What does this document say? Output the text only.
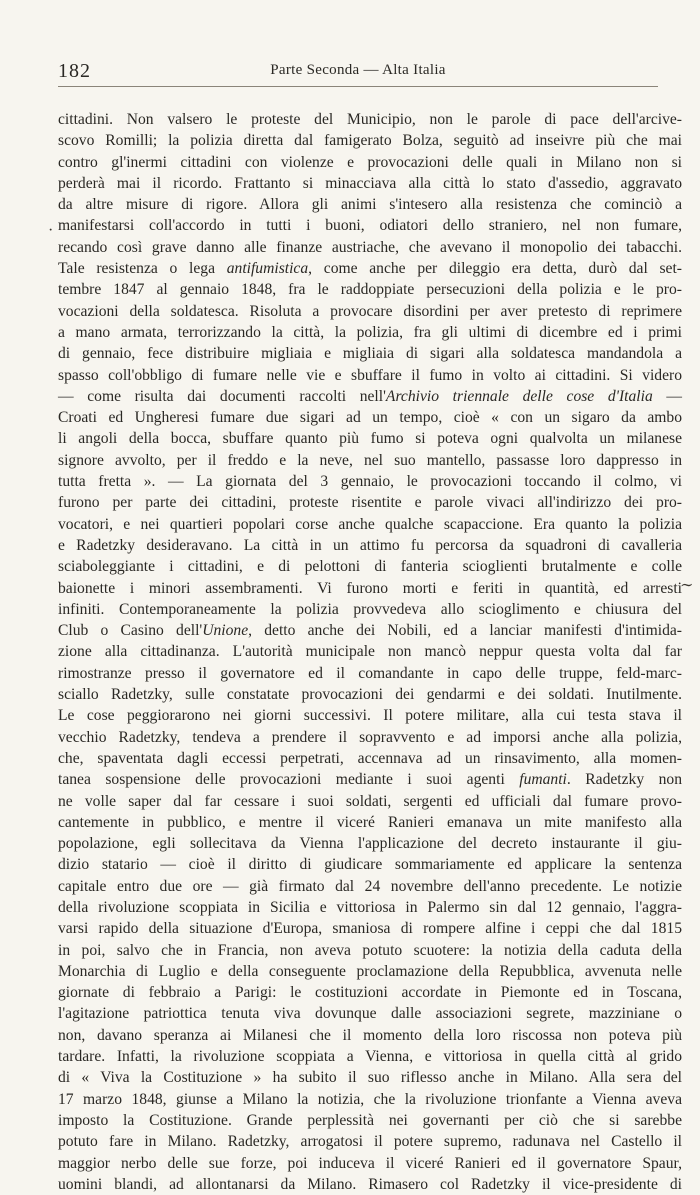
182	Parte Seconda — Alta Italia
cittadini. Non valsero le proteste del Municipio, non le parole di pace dell'arcive-
scovo Romilli; la polizia diretta dal famigerato Bolza, seguitò ad inseivre più che mai
contro gl'inermi cittadini con violenze e provocazioni delle quali in Milano non si
perderà mai il ricordo. Frattanto si minacciava alla città lo stato d'assedio, aggravato
da altre misure di rigore. Allora gli animi s'intesero alla resistenza che cominciò a
manifestarsi coll'accordo in tutti i buoni, odiatori dello straniero, nel non fumare,
recando così grave danno alle finanze austriache, che avevano il monopolio dei tabacchi.
Tale resistenza o lega antifumistica, come anche per dileggio era detta, durò dal set-
tembre 1847 al gennaio 1848, fra le raddoppiate persecuzioni della polizia e le pro-
vocazioni della soldatesca. Risoluta a provocare disordini per aver pretesto di reprimere
a mano armata, terrorizzando la città, la polizia, fra gli ultimi di dicembre ed i primi
di gennaio, fece distribuire migliaia e migliaia di sigari alla soldatesca mandandola a
spasso coll'obbligo di fumare nelle vie e sbuffare il fumo in volto ai cittadini. Si videro
— come risulta dai documenti raccolti nell'Archivio triennale delle cose d'Italia —
Croati ed Ungheresi fumare due sigari ad un tempo, cioè « con un sigaro da ambo
li angoli della bocca, sbuffare quanto più fumo si poteva ogni qualvolta un milanese
signore avvolto, per il freddo e la neve, nel suo mantello, passasse loro dappresso in
tutta fretta ». — La giornata del 3 gennaio, le provocazioni toccando il colmo, vi
furono per parte dei cittadini, proteste risentite e parole vivaci all'indirizzo dei pro-
vocatori, e nei quartieri popolari corse anche qualche scapaccione. Era quanto la polizia
e Radetzky desideravano. La città in un attimo fu percorsa da squadroni di cavalleria
sciaboleggiante i cittadini, e di pelottoni di fanteria scioglienti brutalmente e colle
baionette i minori assembramenti. Vi furono morti e feriti in quantità, ed arresti
infiniti. Contemporaneamente la polizia provvedeva allo scioglimento e chiusura del
Club o Casino dell'Unione, detto anche dei Nobili, ed a lanciar manifesti d'intimida-
zione alla cittadinanza. L'autorità municipale non mancò neppur questa volta dal far
rimostranze presso il governatore ed il comandante in capo delle truppe, feld-marc-
sciallo Radetzky, sulle constatate provocazioni dei gendarmi e dei soldati. Inutilmente.
Le cose peggiorarono nei giorni successivi. Il potere militare, alla cui testa stava il
vecchio Radetzky, tendeva a prendere il sopravvento e ad imporsi anche alla polizia,
che, spaventata dagli eccessi perpetrati, accennava ad un rinsavimento, alla momen-
tanea sospensione delle provocazioni mediante i suoi agenti fumanti. Radetzky non
ne volle saper dal far cessare i suoi soldati, sergenti ed ufficiali dal fumare provo-
cantemente in pubblico, e mentre il viceré Ranieri emanava un mite manifesto alla
popolazione, egli sollecitava da Vienna l'applicazione del decreto instaurante il giu-
dizio statario — cioè il diritto di giudicare sommariamente ed applicare la sentenza
capitale entro due ore — già firmato dal 24 novembre dell'anno precedente. Le notizie
della rivoluzione scoppiata in Sicilia e vittoriosa in Palermo sin dal 12 gennaio, l'aggra-
varsi rapido della situazione d'Europa, smaniosa di rompere alfine i ceppi che dal 1815
in poi, salvo che in Francia, non aveva potuto scuotere: la notizia della caduta della
Monarchia di Luglio e della conseguente proclamazione della Repubblica, avvenuta nelle
giornate di febbraio a Parigi: le costituzioni accordate in Piemonte ed in Toscana,
l'agitazione patriottica tenuta viva dovunque dalle associazioni segrete, mazziniane o
non, davano speranza ai Milanesi che il momento della loro riscossa non poteva più
tardare. Infatti, la rivoluzione scoppiata a Vienna, e vittoriosa in quella città al grido
di « Viva la Costituzione » ha subito il suo riflesso anche in Milano. Alla sera del
17 marzo 1848, giunse a Milano la notizia, che la rivoluzione trionfante a Vienna aveva
imposto la Costituzione. Grande perplessità nei governanti per ciò che si sarebbe
potuto fare in Milano. Radetzky, arrogatosi il potere supremo, radunava nel Castello il
maggior nerbo delle sue forze, poi induceva il viceré Ranieri ed il governatore Spaur,
uomini blandi, ad allontanarsi da Milano. Rimasero col Radetzky il vice-presidente di
·
∼
